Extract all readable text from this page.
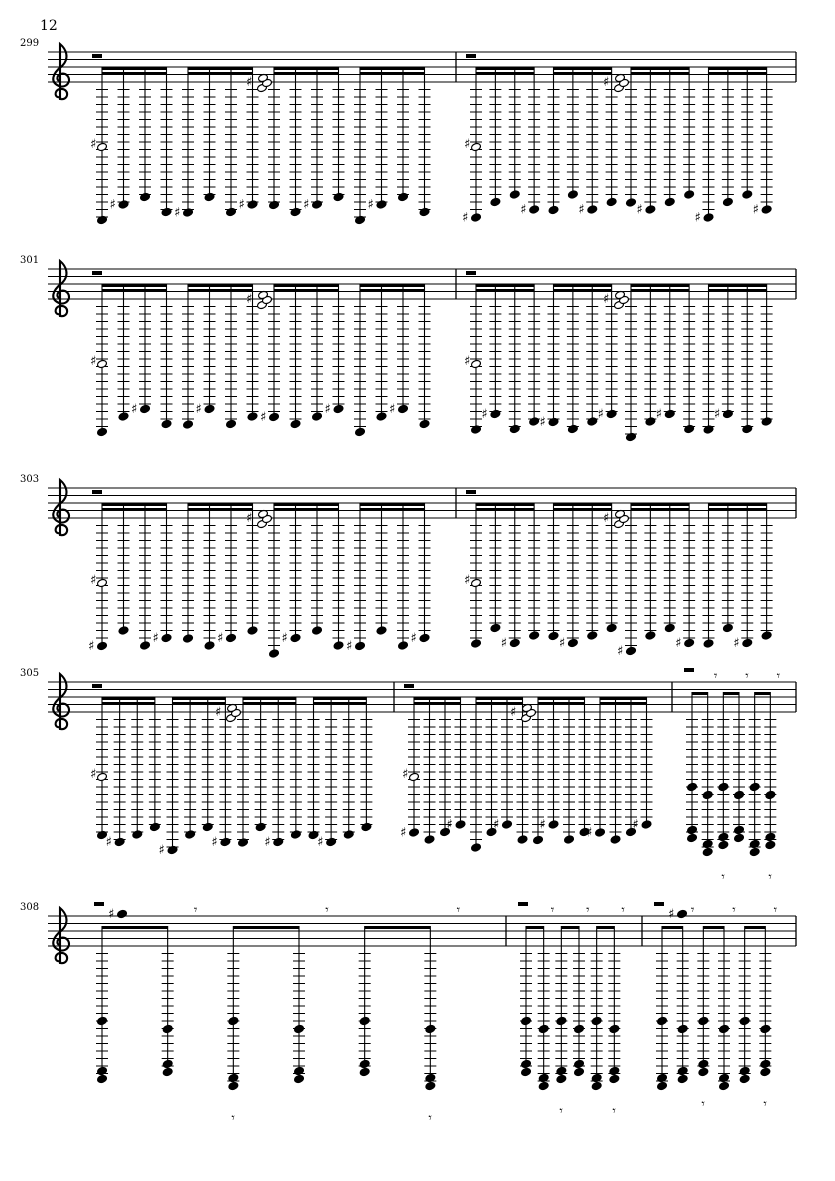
12
299
♯
♯
♯	♯	♯
♯
♯
♯
♯	♯	♯
♯
♯
♯
♯
301
♯	♯
♯
♯	♯
♯
♯
♯
♯
♯	♯	♯
♯
♯
303
♯
♯	♯	♯
♯
♯
♯
♯
♯	♯
♯
♯	♯
♯
♯
305
♯
♯
♯	♯	♯
♯
♯
♯
♯	♯	♯
♯
♯
♯
♯
𝄾
𝄾
𝄾 𝄾
𝄾
308	𝄾
𝄾
𝄾	𝄾
𝄾
♯	𝄾
𝄾
𝄾 𝄾
𝄾
𝄾
𝄾
𝄾	𝄾
𝄾
♯
